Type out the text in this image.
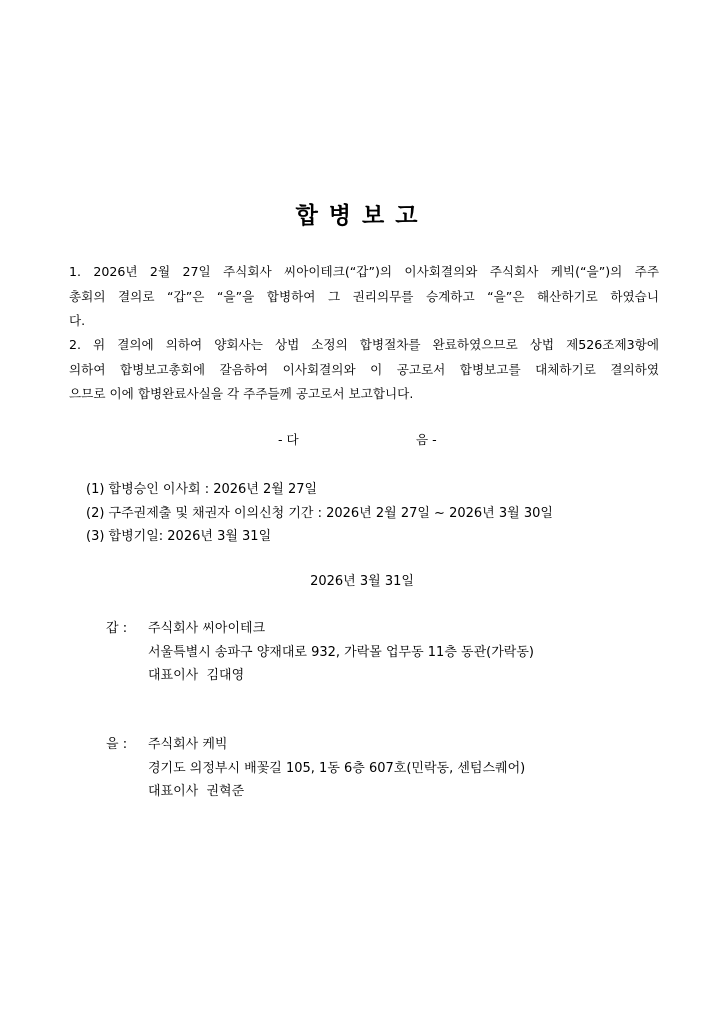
합병보고
1. 2026년 2월 27일 주식회사 씨아이테크(“갑”)의 이사회결의와 주식회사 케빅(“을”)의 주주
총회의 결의로 “갑”은 “을”을 합병하여 그 권리의무를 승계하고 “을”은 해산하기로 하였습니
다.
2. 위 결의에 의하여 양회사는 상법 소정의 합병절차를 완료하였으므로 상법 제526조제3항에
의하여 합병보고총회에 갈음하여 이사회결의와 이 공고로서 합병보고를 대체하기로 결의하였
으므로 이에 합병완료사실을 각 주주들께 공고로서 보고합니다.
- 다	음 -
(1) 합병승인 이사회 : 2026년 2월 27일
(2) 구주권제출 및 채권자 이의신청 기간 : 2026년 2월 27일 ~ 2026년 3월 30일
(3) 합병기일: 2026년 3월 31일
2026년 3월 31일
갑 : 주식회사 씨아이테크
서울특별시 송파구 양재대로 932, 가락몰 업무동 11층 동관(가락동)
대표이사  김대영
을 : 주식회사 케빅
경기도 의정부시 배꽃길 105, 1동 6층 607호(민락동, 센텀스퀘어)
대표이사  권혁준
